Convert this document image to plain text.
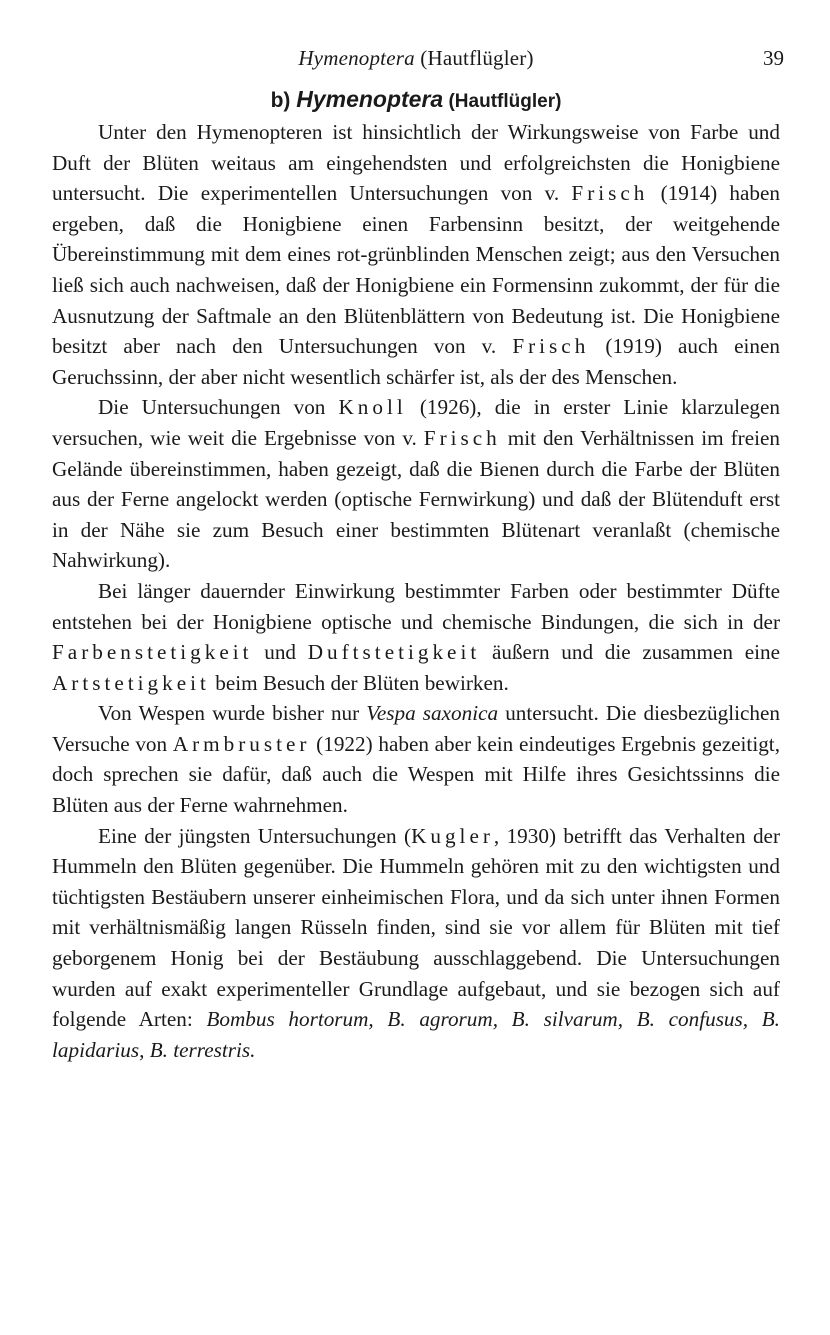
Hymenoptera (Hautflügler)	39
b) Hymenoptera (Hautflügler)

Unter den Hymenopteren ist hinsichtlich der Wirkungsweise von Farbe und Duft der Blüten weitaus am eingehendsten und erfolgreichsten die Honigbiene untersucht. Die experimentellen Untersuchungen von v. Frisch (1914) haben ergeben, daß die Honigbiene einen Farbensinn besitzt, der weitgehende Übereinstimmung mit dem eines rot-grünblinden Menschen zeigt; aus den Versuchen ließ sich auch nachweisen, daß der Honigbiene ein Formensinn zukommt, der für die Ausnutzung der Saftmale an den Blütenblättern von Bedeutung ist. Die Honigbiene besitzt aber nach den Untersuchungen von v. Frisch (1919) auch einen Geruchssinn, der aber nicht wesentlich schärfer ist, als der des Menschen.

Die Untersuchungen von Knoll (1926), die in erster Linie klarzulegen versuchen, wie weit die Ergebnisse von v. Frisch mit den Verhältnissen im freien Gelände übereinstimmen, haben gezeigt, daß die Bienen durch die Farbe der Blüten aus der Ferne angelockt werden (optische Fernwirkung) und daß der Blütenduft erst in der Nähe sie zum Besuch einer bestimmten Blütenart veranlaßt (chemische Nahwirkung).

Bei länger dauernder Einwirkung bestimmter Farben oder bestimmter Düfte entstehen bei der Honigbiene optische und chemische Bindungen, die sich in der Farbenstetigkeit und Duftstetigkeit äußern und die zusammen eine Artstetigkeit beim Besuch der Blüten bewirken.

Von Wespen wurde bisher nur Vespa saxonica untersucht. Die diesbezüglichen Versuche von Armbruster (1922) haben aber kein eindeutiges Ergebnis gezeitigt, doch sprechen sie dafür, daß auch die Wespen mit Hilfe ihres Gesichtssinns die Blüten aus der Ferne wahrnehmen.

Eine der jüngsten Untersuchungen (Kugler, 1930) betrifft das Verhalten der Hummeln den Blüten gegenüber. Die Hummeln gehören mit zu den wichtigsten und tüchtigsten Bestäubern unserer einheimischen Flora, und da sich unter ihnen Formen mit verhältnismäßig langen Rüsseln finden, sind sie vor allem für Blüten mit tief geborgenem Honig bei der Bestäubung ausschlaggebend. Die Untersuchungen wurden auf exakt experimenteller Grundlage aufgebaut, und sie bezogen sich auf folgende Arten: Bombus hortorum, B. agrorum, B. silvarum, B. confusus, B. lapidarius, B. terrestris.
